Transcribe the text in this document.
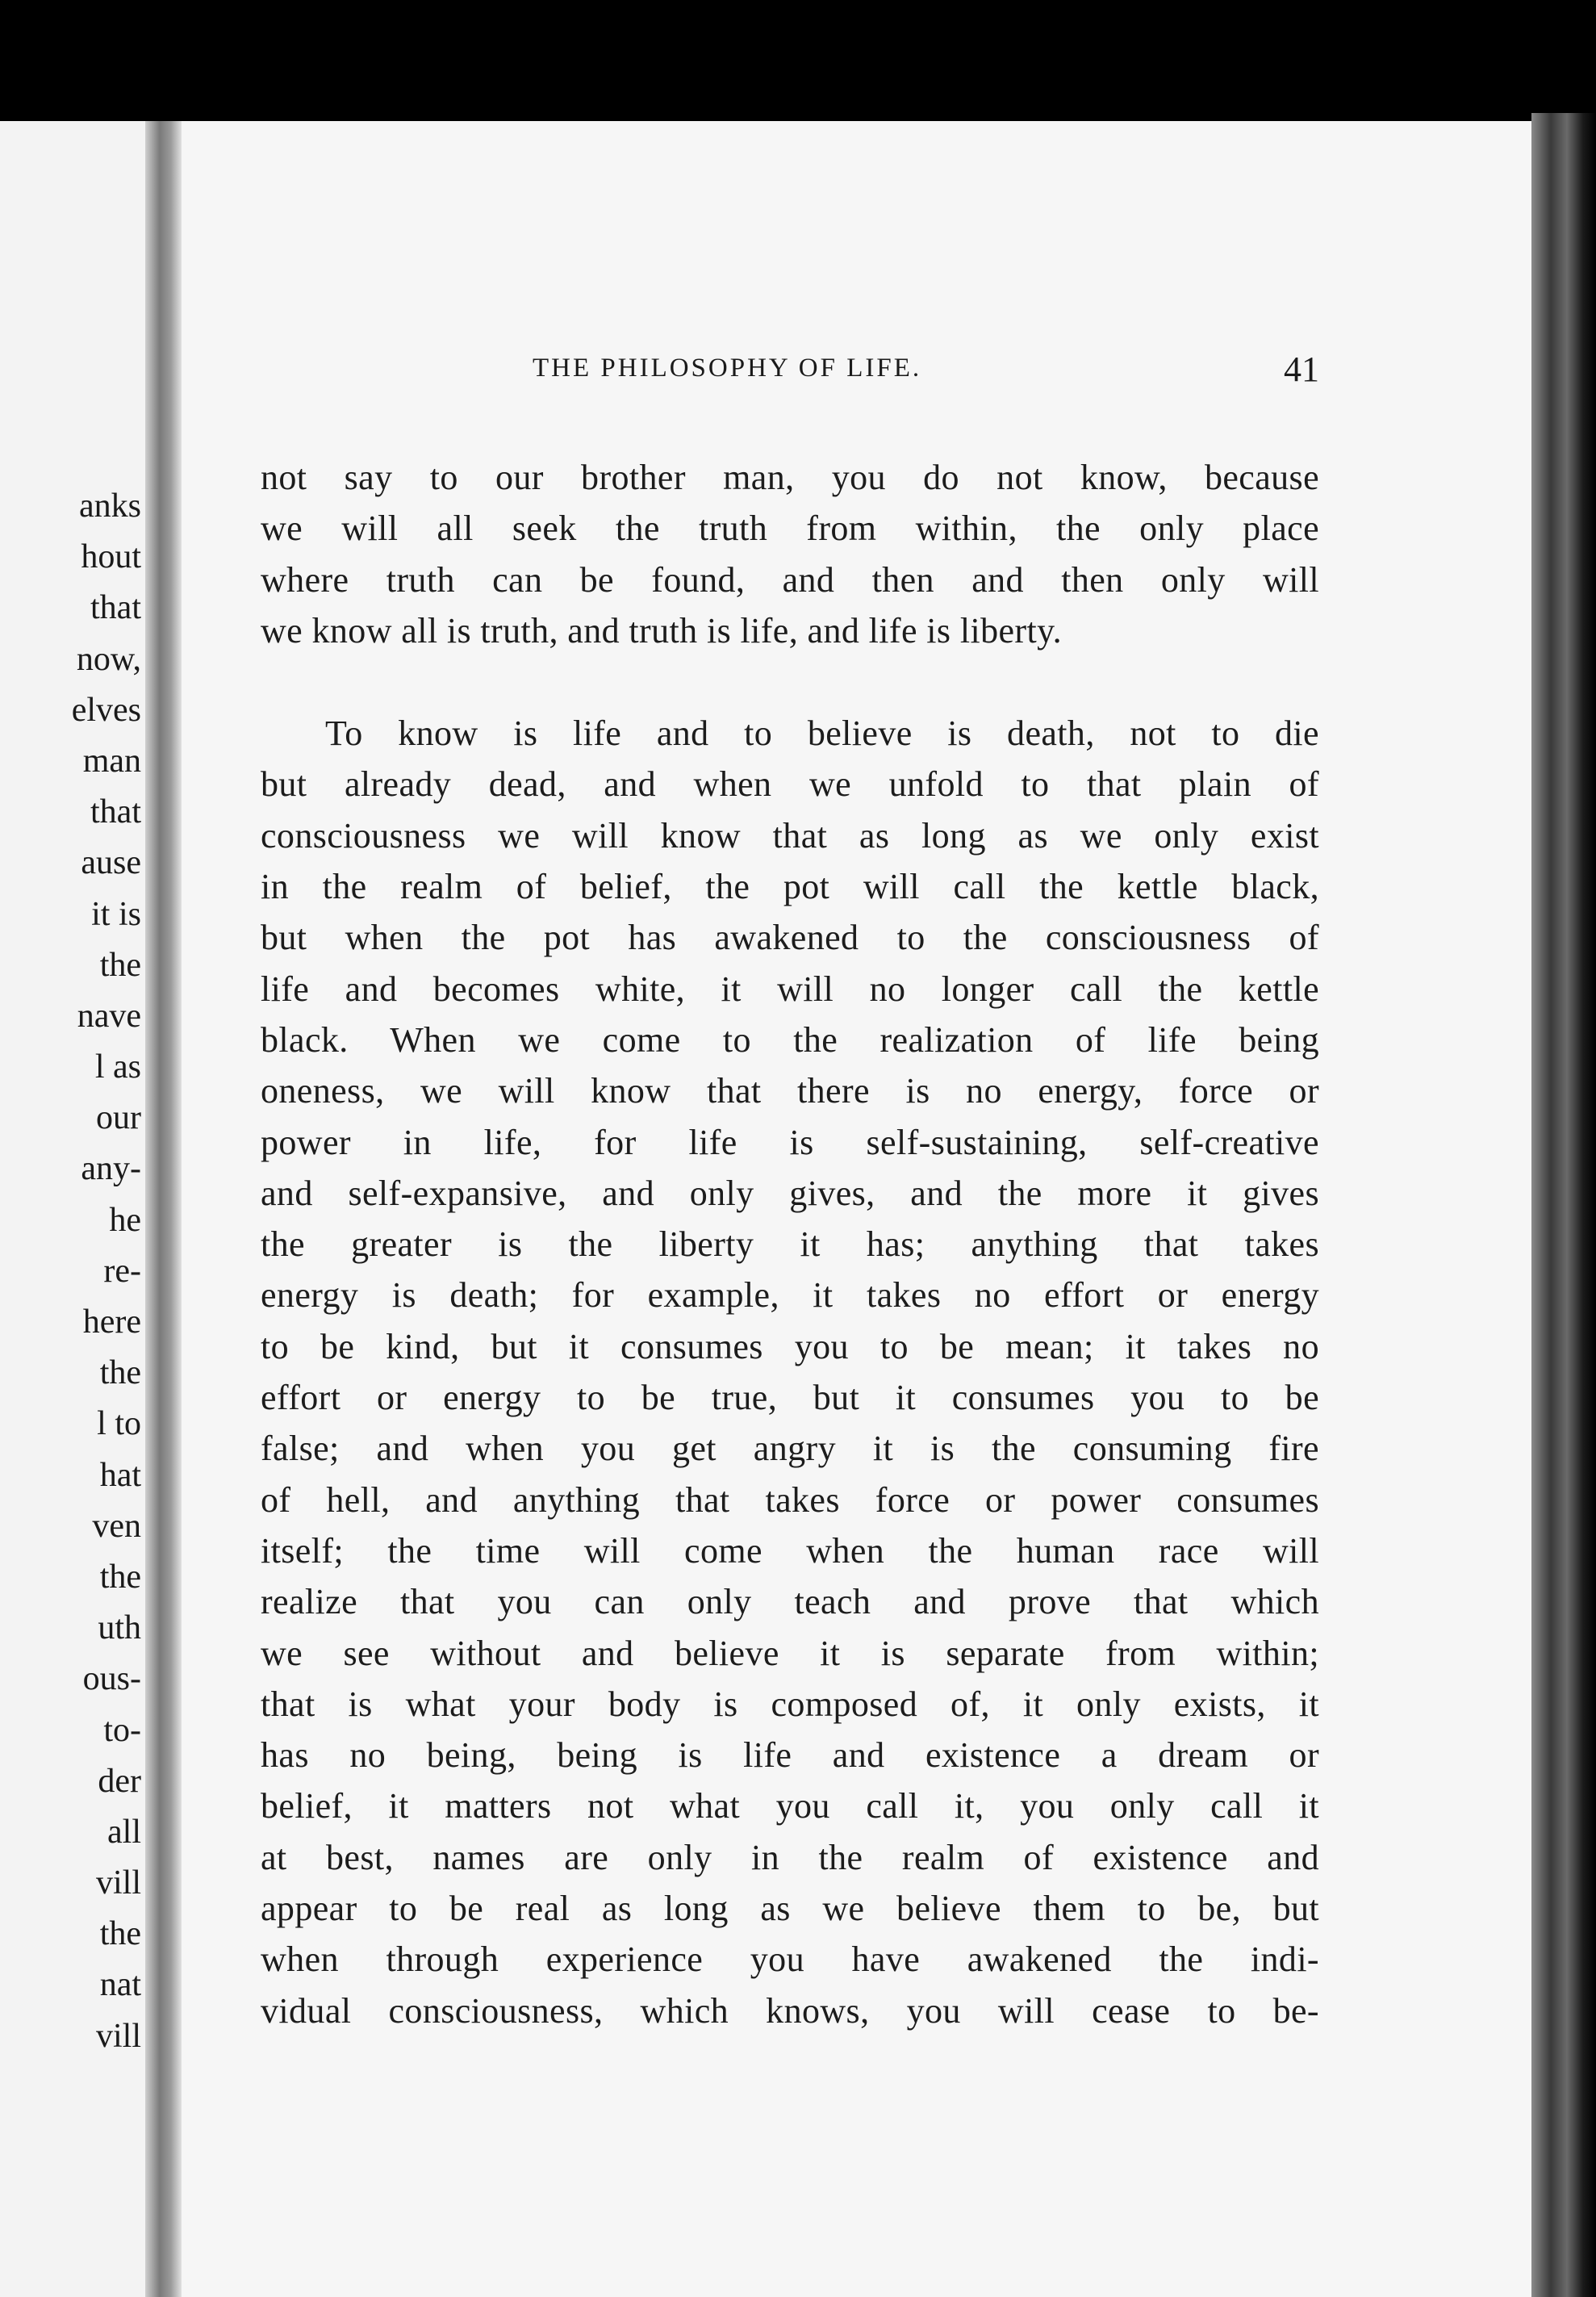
anks
hout
that
now,
elves
man
that
ause
it is
the
nave
l as
our
any-
he
re-
here
the
l to
hat
ven
the
uth
ous-
to-
der
all
vill
the
nat
vill
THE PHILOSOPHY OF LIFE.	41

not say to our brother man, you do not know, because

we will all seek the truth from within, the only place

where truth can be found, and then and then only will

we know all is truth, and truth is life, and life is liberty.

To know is life and to believe is death, not to die

but already dead, and when we unfold to that plain of

consciousness we will know that as long as we only exist

in the realm of belief, the pot will call the kettle black,

but when the pot has awakened to the consciousness of

life and becomes white, it will no longer call the kettle

black. When we come to the realization of life being

oneness, we will know that there is no energy, force or

power in life, for life is self-sustaining, self-creative

and self-expansive, and only gives, and the more it gives

the greater is the liberty it has; anything that takes

energy is death; for example, it takes no effort or energy

to be kind, but it consumes you to be mean; it takes no

effort or energy to be true, but it consumes you to be

false; and when you get angry it is the consuming fire

of hell, and anything that takes force or power consumes

itself; the time will come when the human race will

realize that you can only teach and prove that which

we see without and believe it is separate from within;

that is what your body is composed of, it only exists, it

has no being, being is life and existence a dream or

belief, it matters not what you call it, you only call it

at best, names are only in the realm of existence and

appear to be real as long as we believe them to be, but

when through experience you have awakened the indi-

vidual consciousness, which knows, you will cease to be-
